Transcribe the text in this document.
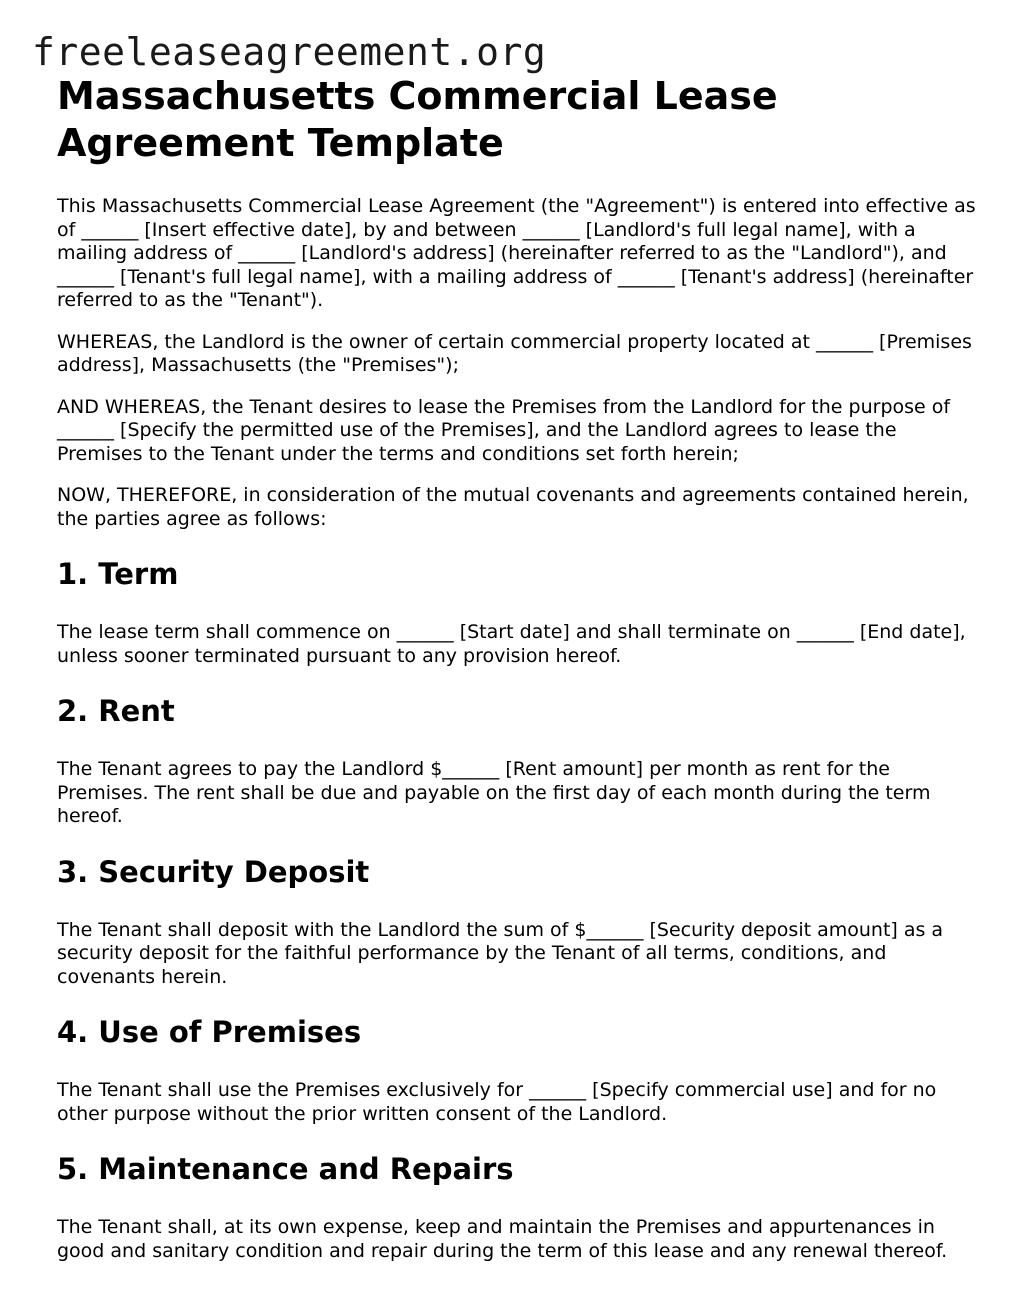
freeleaseagreement.org
Massachusetts Commercial Lease Agreement Template

This Massachusetts Commercial Lease Agreement (the "Agreement") is entered into effective as of ______ [Insert effective date], by and between ______ [Landlord's full legal name], with a mailing address of ______ [Landlord's address] (hereinafter referred to as the "Landlord"), and ______ [Tenant's full legal name], with a mailing address of ______ [Tenant's address] (hereinafter referred to as the "Tenant").

WHEREAS, the Landlord is the owner of certain commercial property located at ______ [Premises address], Massachusetts (the "Premises");

AND WHEREAS, the Tenant desires to lease the Premises from the Landlord for the purpose of ______ [Specify the permitted use of the Premises], and the Landlord agrees to lease the Premises to the Tenant under the terms and conditions set forth herein;

NOW, THEREFORE, in consideration of the mutual covenants and agreements contained herein, the parties agree as follows:

1. Term

The lease term shall commence on ______ [Start date] and shall terminate on ______ [End date], unless sooner terminated pursuant to any provision hereof.

2. Rent

The Tenant agrees to pay the Landlord $______ [Rent amount] per month as rent for the Premises. The rent shall be due and payable on the first day of each month during the term hereof.

3. Security Deposit

The Tenant shall deposit with the Landlord the sum of $______ [Security deposit amount] as a security deposit for the faithful performance by the Tenant of all terms, conditions, and covenants herein.

4. Use of Premises

The Tenant shall use the Premises exclusively for ______ [Specify commercial use] and for no other purpose without the prior written consent of the Landlord.

5. Maintenance and Repairs

The Tenant shall, at its own expense, keep and maintain the Premises and appurtenances in good and sanitary condition and repair during the term of this lease and any renewal thereof.
